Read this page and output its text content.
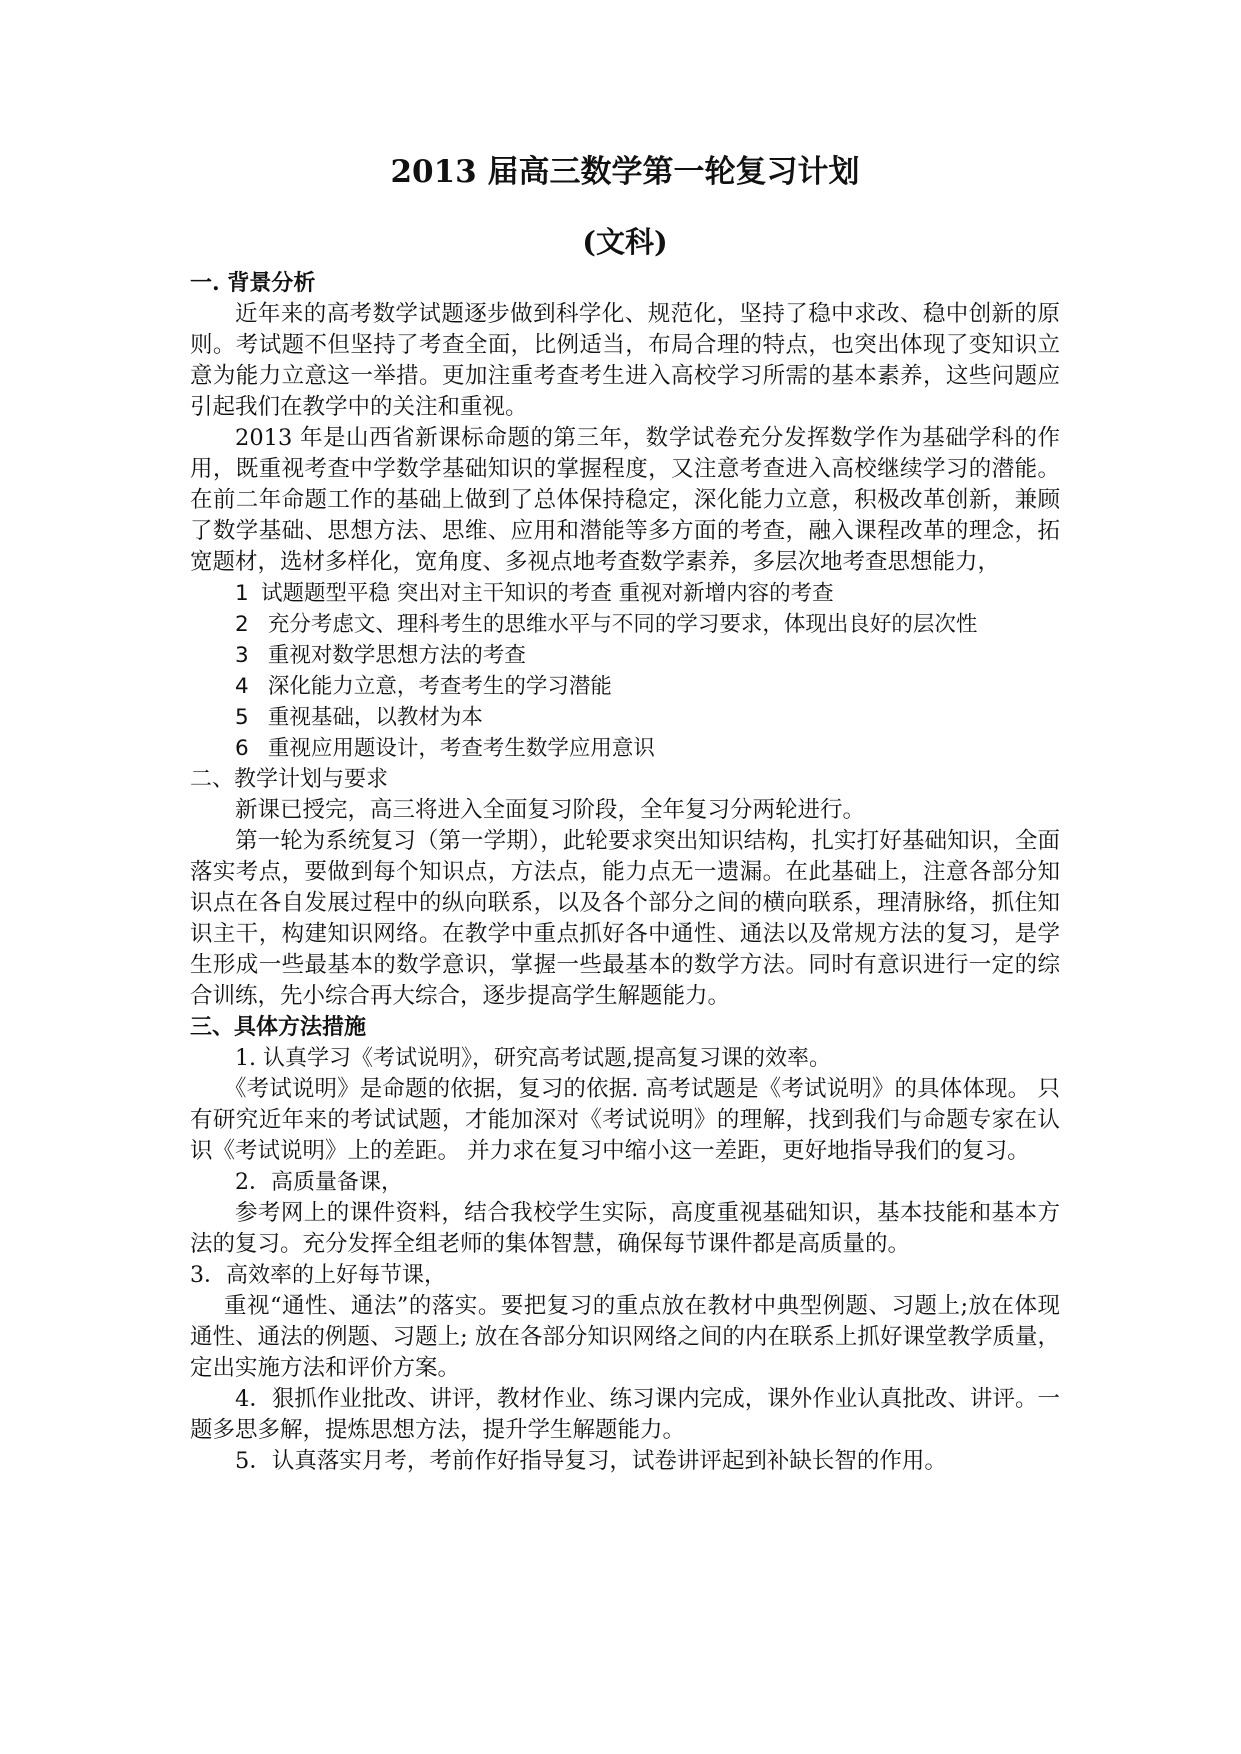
2013 届高三数学第一轮复习计划
(文科)

一. 背景分析

近年来的高考数学试题逐步做到科学化、规范化，坚持了稳中求改、稳中创新的原则。考试题不但坚持了考查全面，比例适当，布局合理的特点，也突出体现了变知识立意为能力立意这一举措。更加注重考查考生进入高校学习所需的基本素养，这些问题应引起我们在教学中的关注和重视。

2013 年是山西省新课标命题的第三年，数学试卷充分发挥数学作为基础学科的作用，既重视考查中学数学基础知识的掌握程度，又注意考查进入高校继续学习的潜能。在前二年命题工作的基础上做到了总体保持稳定，深化能力立意，积极改革创新，兼顾了数学基础、思想方法、思维、应用和潜能等多方面的考查，融入课程改革的理念，拓宽题材，选材多样化，宽角度、多视点地考查数学素养，多层次地考查思想能力，

1 试题题型平稳 突出对主干知识的考查 重视对新增内容的考查
2 充分考虑文、理科考生的思维水平与不同的学习要求，体现出良好的层次性
3 重视对数学思想方法的考查
4 深化能力立意，考查考生的学习潜能
5 重视基础，以教材为本
6 重视应用题设计，考查考生数学应用意识

二、教学计划与要求

新课已授完，高三将进入全面复习阶段，全年复习分两轮进行。

第一轮为系统复习（第一学期），此轮要求突出知识结构，扎实打好基础知识，全面落实考点，要做到每个知识点，方法点，能力点无一遗漏。在此基础上，注意各部分知识点在各自发展过程中的纵向联系，以及各个部分之间的横向联系，理清脉络，抓住知识主干，构建知识网络。在教学中重点抓好各中通性、通法以及常规方法的复习，是学生形成一些最基本的数学意识，掌握一些最基本的数学方法。同时有意识进行一定的综合训练，先小综合再大综合，逐步提高学生解题能力。

三、具体方法措施

1. 认真学习《考试说明》，研究高考试题,提高复习课的效率。

《考试说明》是命题的依据，复习的依据. 高考试题是《考试说明》的具体体现。 只有研究近年来的考试试题，才能加深对《考试说明》的理解，找到我们与命题专家在认识《考试说明》上的差距。 并力求在复习中缩小这一差距，更好地指导我们的复习。

2．高质量备课，

参考网上的课件资料，结合我校学生实际，高度重视基础知识，基本技能和基本方法的复习。充分发挥全组老师的集体智慧，确保每节课件都是高质量的。

3．高效率的上好每节课，

重视“通性、通法”的落实。要把复习的重点放在教材中典型例题、习题上;放在体现通性、通法的例题、习题上; 放在各部分知识网络之间的内在联系上抓好课堂教学质量，定出实施方法和评价方案。

4．狠抓作业批改、讲评，教材作业、练习课内完成，课外作业认真批改、讲评。一题多思多解，提炼思想方法，提升学生解题能力。

5．认真落实月考，考前作好指导复习，试卷讲评起到补缺长智的作用。
